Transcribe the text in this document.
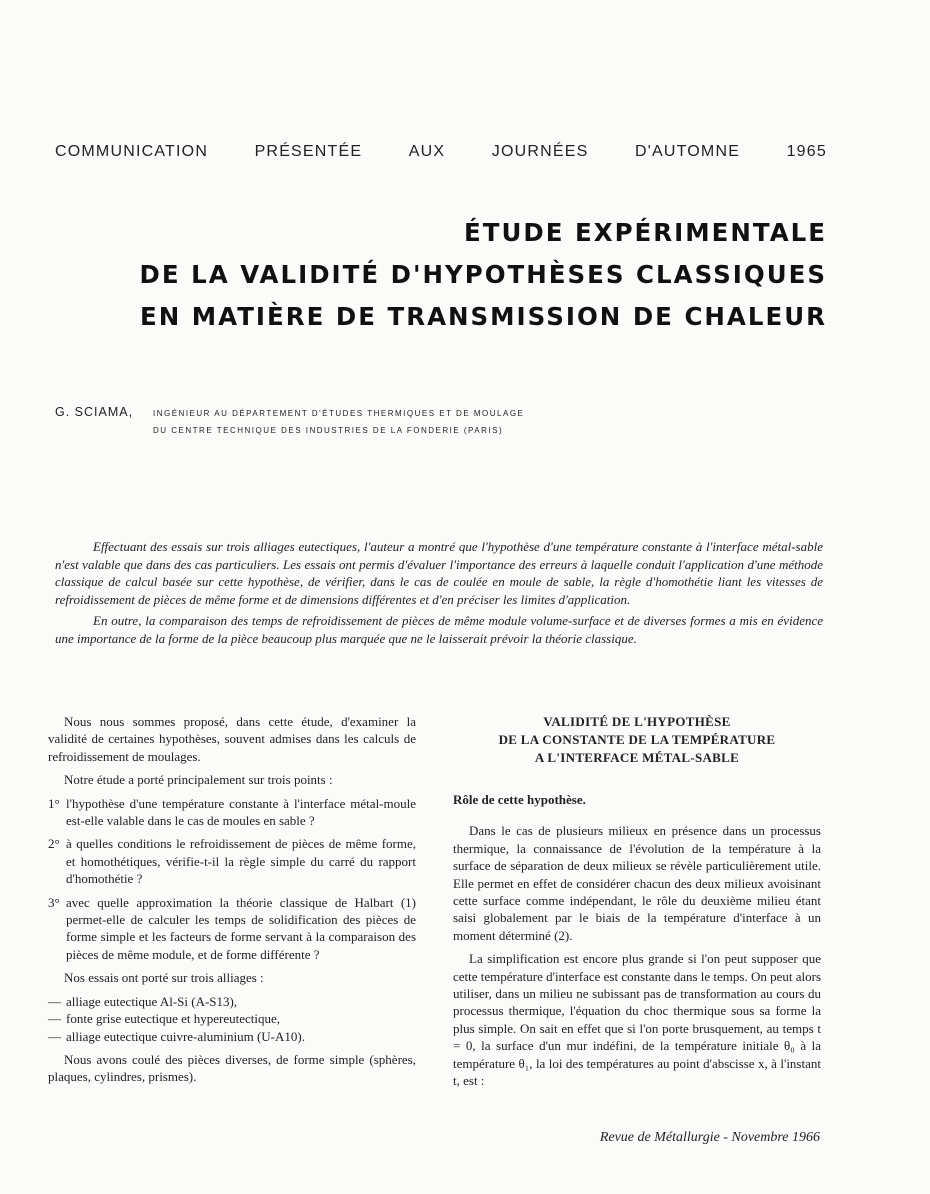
COMMUNICATION	PRÉSENTÉE	AUX	JOURNÉES	D'AUTOMNE	1965
ÉTUDE EXPÉRIMENTALE
DE LA VALIDITÉ D'HYPOTHÈSES CLASSIQUES
EN MATIÈRE DE TRANSMISSION DE CHALEUR
G. SCIAMA, INGÉNIEUR AU DÉPARTEMENT D'ÉTUDES THERMIQUES ET DE MOULAGE
DU CENTRE TECHNIQUE DES INDUSTRIES DE LA FONDERIE (PARIS)

Effectuant des essais sur trois alliages eutectiques, l'auteur a montré que l'hypothèse d'une température constante à l'interface métal-sable n'est valable que dans des cas particuliers. Les essais ont permis d'évaluer l'importance des erreurs à laquelle conduit l'application d'une méthode classique de calcul basée sur cette hypothèse, de vérifier, dans le cas de coulée en moule de sable, la règle d'homothétie liant les vitesses de refroidissement de pièces de même forme et de dimensions différentes et d'en préciser les limites d'application.

En outre, la comparaison des temps de refroidissement de pièces de même module volume-surface et de diverses formes a mis en évidence une importance de la forme de la pièce beaucoup plus marquée que ne le laisserait prévoir la théorie classique.

Nous nous sommes proposé, dans cette étude, d'examiner la validité de certaines hypothèses, souvent admises dans les calculs de refroidissement de moulages.

Notre étude a porté principalement sur trois points :

1° l'hypothèse d'une température constante à l'interface métal-moule est-elle valable dans le cas de moules en sable ?
2° à quelles conditions le refroidissement de pièces de même forme, et homothétiques, vérifie-t-il la règle simple du carré du rapport d'homothétie ?
3° avec quelle approximation la théorie classique de Halbart (1) permet-elle de calculer les temps de solidification des pièces de forme simple et les facteurs de forme servant à la comparaison des pièces de même module, et de forme différente ?

Nos essais ont porté sur trois alliages :

— alliage eutectique Al-Si (A-S13),
— fonte grise eutectique et hypereutectique,
— alliage eutectique cuivre-aluminium (U-A10).

Nous avons coulé des pièces diverses, de forme simple (sphères, plaques, cylindres, prismes).

VALIDITÉ DE L'HYPOTHÈSE
DE LA CONSTANTE DE LA TEMPÉRATURE
A L'INTERFACE MÉTAL-SABLE
Rôle de cette hypothèse.

Dans le cas de plusieurs milieux en présence dans un processus thermique, la connaissance de l'évolution de la température à la surface de séparation de deux milieux se révèle particulièrement utile. Elle permet en effet de considérer chacun des deux milieux avoisinant cette surface comme indépendant, le rôle du deuxième milieu étant saisi globalement par le biais de la température d'interface à un moment déterminé (2).

La simplification est encore plus grande si l'on peut supposer que cette température d'interface est constante dans le temps. On peut alors utiliser, dans un milieu ne subissant pas de transformation au cours du processus thermique, l'équation du choc thermique sous sa forme la plus simple. On sait en effet que si l'on porte brusquement, au temps t = 0, la surface d'un mur indéfini, de la température initiale θ₀ à la température θ₁, la loi des températures au point d'abscisse x, à l'instant t, est :

Revue de Métallurgie - Novembre 1966
